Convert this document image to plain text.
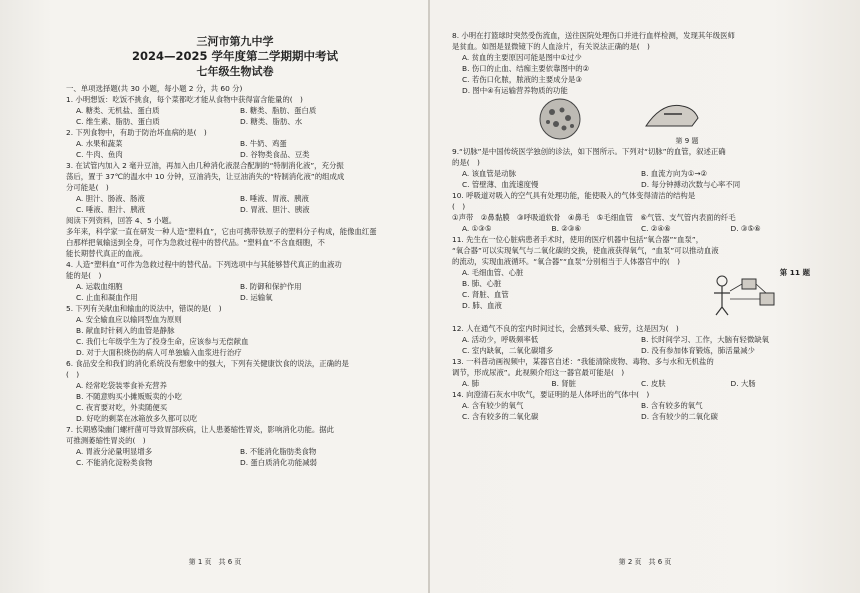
三河市第九中学
2024—2025 学年度第二学期期中考试
七年级生物试卷
一、单项选择题(共 30 小题，每小题 2 分，共 60 分)

1. 小明想饭：吃饭不挑食，每个菜都吃才能从食物中获得富含能量的(　)

A. 糖类、无机盐、蛋白质	B. 糖类、脂肪、蛋白质
C. 维生素、脂肪、蛋白质	D. 糖类、脂肪、水

2. 下列食物中，有助于防治坏血病的是(　)

A. 水果和蔬菜	B. 牛奶、鸡蛋
C. 牛肉、鱼肉	D. 谷物类食品、豆类

3. 在试管内加入 2 毫升豆油，再加入由几种消化液混合配制的“特制消化液”，充分振

荡后，置于 37℃的温水中 10 分钟，豆油消失，让豆油消失的“特制消化液”的组成成

分可能是(　)

A. 胆汁、肠液、肠液	B. 唾液、胃液、胰液
C. 唾液、胆汁、胰液	D. 胃液、胆汁、胰液

阅读下列资料，回答 4、5 小题。

多年来，科学家一直在研发一种人造“塑料血”，它由可携带铁原子的塑料分子构成，能像血红蛋

白那样把氧输送到全身，可作为急救过程中的替代品。“塑料血”不含血细胞，不

能长期替代真正的血液。

4. 人造“塑料血”可作为急救过程中的替代品。下列选项中与其能够替代真正的血液功

能的是(　)

A. 运载血细胞	B. 防御和保护作用
C. 止血和凝血作用	D. 运输氧

5. 下列有关献血和输血的说法中，错误的是(　)

A. 安全输血应以输同型血为原则
B. 献血时针刺入的血管是静脉
C. 我们七年级学生为了投身生命，应该参与无偿献血
D. 对于大面积烧伤的病人可单独输入血浆进行治疗

6. 食品安全和我们的消化系统没有想象中的强大，下列有关健康饮食的说法，正确的是

(　)

A. 经常吃袋装零食补充营养
B. 不随意购买小摊贩贩卖的小吃
C. 夜宵要对吃，外卖随便买
D. 好吃的剩菜在冰箱放多久都可以吃

7. 长期感染幽门螺杆菌可导致胃部疾病，让人患萎缩性胃炎，影响消化功能。据此

可推测萎缩性胃炎的(　)

A. 胃液分泌量明显增多	B. 不能消化脂肪类食物
C. 不能消化淀粉类食物	D. 蛋白质消化功能减弱
第 1 页　共 6 页

8. 小明在打篮球时突然受伤流血，送往医院处理伤口并进行血样检测，发现其年级医师

是贫血。如图是显微镜下的人血涂片，有关说法正确的是(　)

A. 贫血的主要原因可能是图中①过少
B. 伤口的止血、结痂主要依靠图中的②
C. 若伤口化脓，脓液的主要成分是③
D. 图中④有运输营养物质的功能
第 9 题

9.“切脉”是中国传统医学独创的诊法，如下图所示。下列对“切脉”的血管，叙述正确

的是(　)

A. 该血管是动脉	B. 血流方向为①→②
C. 管壁薄、血流速度慢	D. 每分钟搏动次数与心率不同

10. 呼吸道对吸入的空气具有处理功能，能使吸入的气体变得清洁的结构是

(　)

①声带　②鼻黏膜　③呼吸道软骨　④鼻毛　⑤毛细血管　⑥气管、支气管内表面的纤毛

A. ①③⑤	B. ②③⑥	C. ②④⑥	D. ③⑤⑥

11. 先生在一位心脏病患者手术时，使用的医疗机器中包括“氧合器”“血泵”，

“氧合器”可以实现氧气与二氧化碳的交换，使血液获得氧气，“血泵”可以推动血液

的流动，实现血液循环。“氧合器”“血泵”分别相当于人体器官中的(　)

A. 毛细血管、心脏
B. 肺、心脏
C. 肾脏、血管
D. 肺、血液
第 11 题

12. 人在通气不良的室内时间过长，会感到头晕、疲劳，这是因为(　)

A. 活动少，呼吸频率低	B. 长时间学习、工作，大脑有轻微缺氧
C. 室内缺氧，二氧化碳增多	D. 没有参加体育锻炼，肺活量减少

13. 一科普动画视频中，某器官自述：“我能清除废物、毒物、多与水和无机盐的

调节，形成尿液”。此视频介绍这一器官最可能是(　)

A. 肺	B. 肾脏	C. 皮肤	D. 大肠

14. 向澄清石灰水中吹气，要证明的是人体呼出的气体中(　)

A. 含有较少的氧气	B. 含有较多的氧气
C. 含有较多的二氧化碳	D. 含有较少的二氧化碳
第 2 页　共 6 页
